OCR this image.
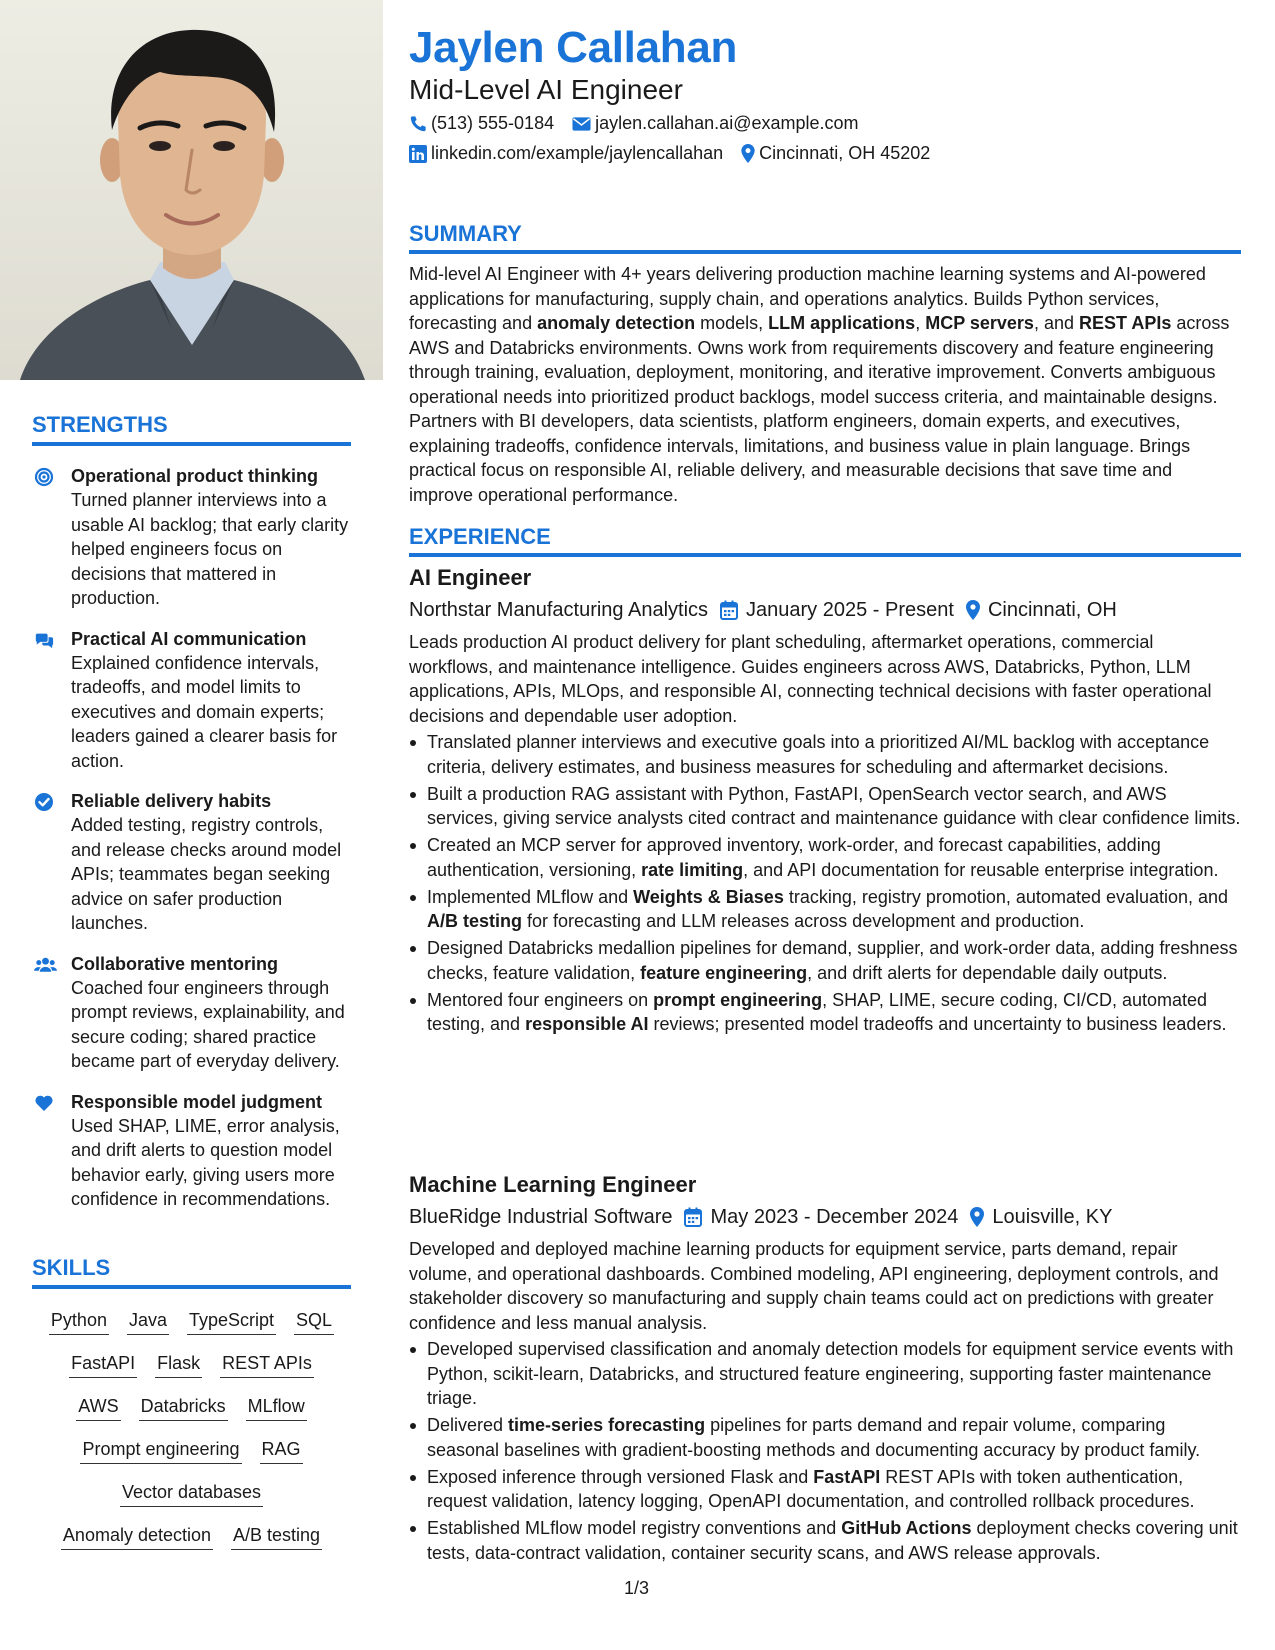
STRENGTHS
Operational product thinking
Turned planner interviews into a usable AI backlog; that early clarity helped engineers focus on decisions that mattered in production.
Practical AI communication
Explained confidence intervals, tradeoffs, and model limits to executives and domain experts; leaders gained a clearer basis for action.
Reliable delivery habits
Added testing, registry controls, and release checks around model APIs; teammates began seeking advice on safer production launches.
Collaborative mentoring
Coached four engineers through prompt reviews, explainability, and secure coding; shared practice became part of everyday delivery.
Responsible model judgment
Used SHAP, LIME, error analysis, and drift alerts to question model behavior early, giving users more confidence in recommendations.
SKILLS
Python Java TypeScript SQL
FastAPI Flask REST APIs
AWS Databricks MLflow
Prompt engineering RAG
Vector databases
Anomaly detection A/B testing
Jaylen Callahan
Mid-Level AI Engineer
(513) 555-0184 jaylen.callahan.ai@example.com
linkedin.com/example/jaylencallahan Cincinnati, OH 45202
SUMMARY
Mid-level AI Engineer with 4+ years delivering production machine learning systems and AI-powered applications for manufacturing, supply chain, and operations analytics. Builds Python services, forecasting and anomaly detection models, LLM applications, MCP servers, and REST APIs across AWS and Databricks environments. Owns work from requirements discovery and feature engineering through training, evaluation, deployment, monitoring, and iterative improvement. Converts ambiguous operational needs into prioritized product backlogs, model success criteria, and maintainable designs. Partners with BI developers, data scientists, platform engineers, domain experts, and executives, explaining tradeoffs, confidence intervals, limitations, and business value in plain language. Brings practical focus on responsible AI, reliable delivery, and measurable decisions that save time and improve operational performance.
EXPERIENCE
AI Engineer
Northstar Manufacturing Analytics January 2025 - Present Cincinnati, OH
Leads production AI product delivery for plant scheduling, aftermarket operations, commercial workflows, and maintenance intelligence. Guides engineers across AWS, Databricks, Python, LLM applications, APIs, MLOps, and responsible AI, connecting technical decisions with faster operational decisions and dependable user adoption.
Translated planner interviews and executive goals into a prioritized AI/ML backlog with acceptance criteria, delivery estimates, and business measures for scheduling and aftermarket decisions.
Built a production RAG assistant with Python, FastAPI, OpenSearch vector search, and AWS services, giving service analysts cited contract and maintenance guidance with clear confidence limits.
Created an MCP server for approved inventory, work-order, and forecast capabilities, adding authentication, versioning, rate limiting, and API documentation for reusable enterprise integration.
Implemented MLflow and Weights & Biases tracking, registry promotion, automated evaluation, and A/B testing for forecasting and LLM releases across development and production.
Designed Databricks medallion pipelines for demand, supplier, and work-order data, adding freshness checks, feature validation, feature engineering, and drift alerts for dependable daily outputs.
Mentored four engineers on prompt engineering, SHAP, LIME, secure coding, CI/CD, automated testing, and responsible AI reviews; presented model tradeoffs and uncertainty to business leaders.
Machine Learning Engineer
BlueRidge Industrial Software May 2023 - December 2024 Louisville, KY
Developed and deployed machine learning products for equipment service, parts demand, repair volume, and operational dashboards. Combined modeling, API engineering, deployment controls, and stakeholder discovery so manufacturing and supply chain teams could act on predictions with greater confidence and less manual analysis.
Developed supervised classification and anomaly detection models for equipment service events with Python, scikit-learn, Databricks, and structured feature engineering, supporting faster maintenance triage.
Delivered time-series forecasting pipelines for parts demand and repair volume, comparing seasonal baselines with gradient-boosting methods and documenting accuracy by product family.
Exposed inference through versioned Flask and FastAPI REST APIs with token authentication, request validation, latency logging, OpenAPI documentation, and controlled rollback procedures.
Established MLflow model registry conventions and GitHub Actions deployment checks covering unit tests, data-contract validation, container security scans, and AWS release approvals.
1/3
